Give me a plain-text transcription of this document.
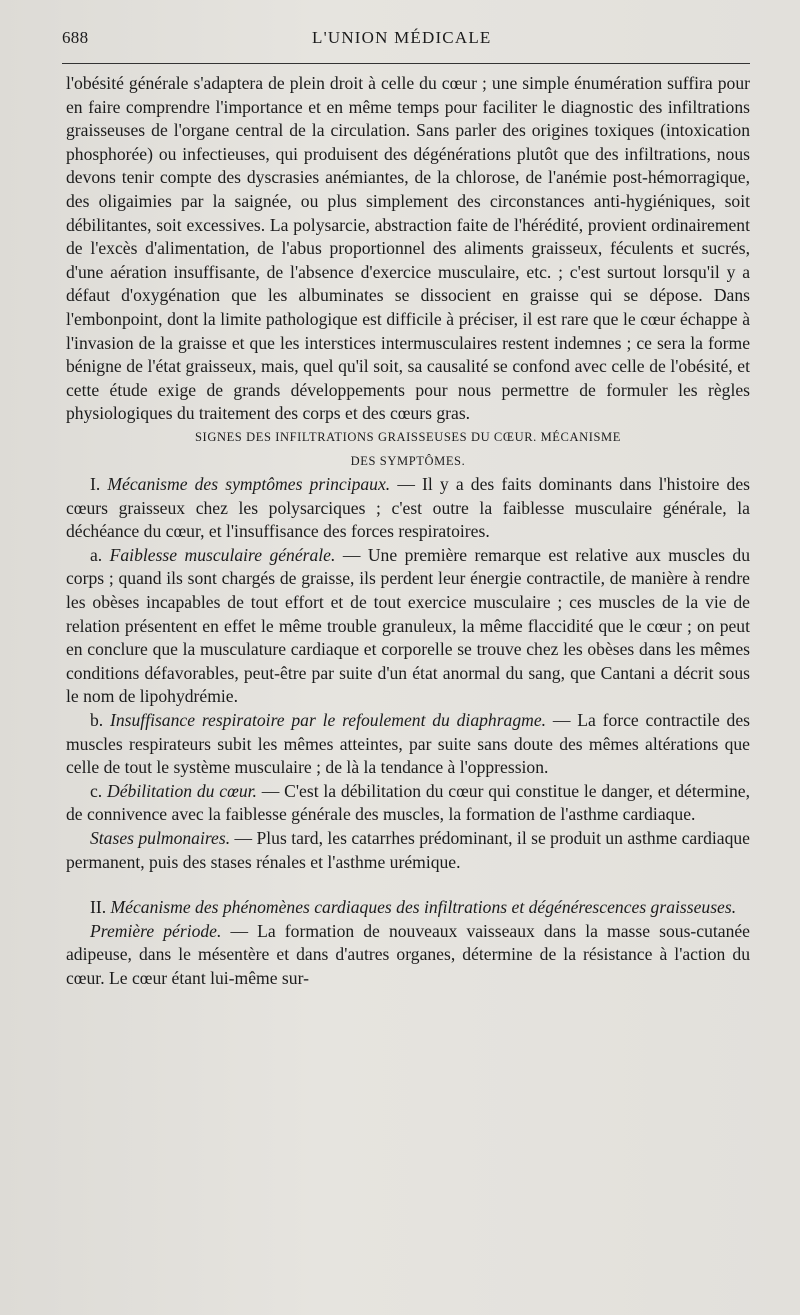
688	L'UNION MÉDICALE

l'obésité générale s'adaptera de plein droit à celle du cœur ; une simple énumération suffira pour en faire comprendre l'importance et en même temps pour faciliter le diagnostic des infiltrations graisseuses de l'organe central de la circulation. Sans parler des origines toxiques (intoxication phosphorée) ou infectieuses, qui produisent des dégénérations plutôt que des infiltrations, nous devons tenir compte des dyscrasies anémiantes, de la chlorose, de l'anémie post-hémorragique, des oligaimies par la saignée, ou plus simplement des circonstances anti-hygiéniques, soit débilitantes, soit excessives. La polysarcie, abstraction faite de l'hérédité, provient ordinairement de l'excès d'alimentation, de l'abus proportionnel des aliments graisseux, féculents et sucrés, d'une aération insuffisante, de l'absence d'exercice musculaire, etc. ; c'est surtout lorsqu'il y a défaut d'oxygénation que les albuminates se dissocient en graisse qui se dépose. Dans l'embonpoint, dont la limite pathologique est difficile à préciser, il est rare que le cœur échappe à l'invasion de la graisse et que les interstices intermusculaires restent indemnes ; ce sera la forme bénigne de l'état graisseux, mais, quel qu'il soit, sa causalité se confond avec celle de l'obésité, et cette étude exige de grands développements pour nous permettre de formuler les règles physiologiques du traitement des corps et des cœurs gras.

SIGNES DES INFILTRATIONS GRAISSEUSES DU CŒUR. MÉCANISME

DES SYMPTÔMES.

I. Mécanisme des symptômes principaux. — Il y a des faits dominants dans l'histoire des cœurs graisseux chez les polysarciques ; c'est outre la faiblesse musculaire générale, la déchéance du cœur, et l'insuffisance des forces respiratoires.

a. Faiblesse musculaire générale. — Une première remarque est relative aux muscles du corps ; quand ils sont chargés de graisse, ils perdent leur énergie contractile, de manière à rendre les obèses incapables de tout effort et de tout exercice musculaire ; ces muscles de la vie de relation présentent en effet le même trouble granuleux, la même flaccidité que le cœur ; on peut en conclure que la musculature cardiaque et corporelle se trouve chez les obèses dans les mêmes conditions défavorables, peut-être par suite d'un état anormal du sang, que Cantani a décrit sous le nom de lipohydrémie.

b. Insuffisance respiratoire par le refoulement du diaphragme. — La force contractile des muscles respirateurs subit les mêmes atteintes, par suite sans doute des mêmes altérations que celle de tout le système musculaire ; de là la tendance à l'oppression.

c. Débilitation du cœur. — C'est la débilitation du cœur qui constitue le danger, et détermine, de connivence avec la faiblesse générale des muscles, la formation de l'asthme cardiaque.

Stases pulmonaires. — Plus tard, les catarrhes prédominant, il se produit un asthme cardiaque permanent, puis des stases rénales et l'asthme urémique.

II. Mécanisme des phénomènes cardiaques des infiltrations et dégénérescences graisseuses.

Première période. — La formation de nouveaux vaisseaux dans la masse sous-cutanée adipeuse, dans le mésentère et dans d'autres organes, détermine de la résistance à l'action du cœur. Le cœur étant lui-même sur-
